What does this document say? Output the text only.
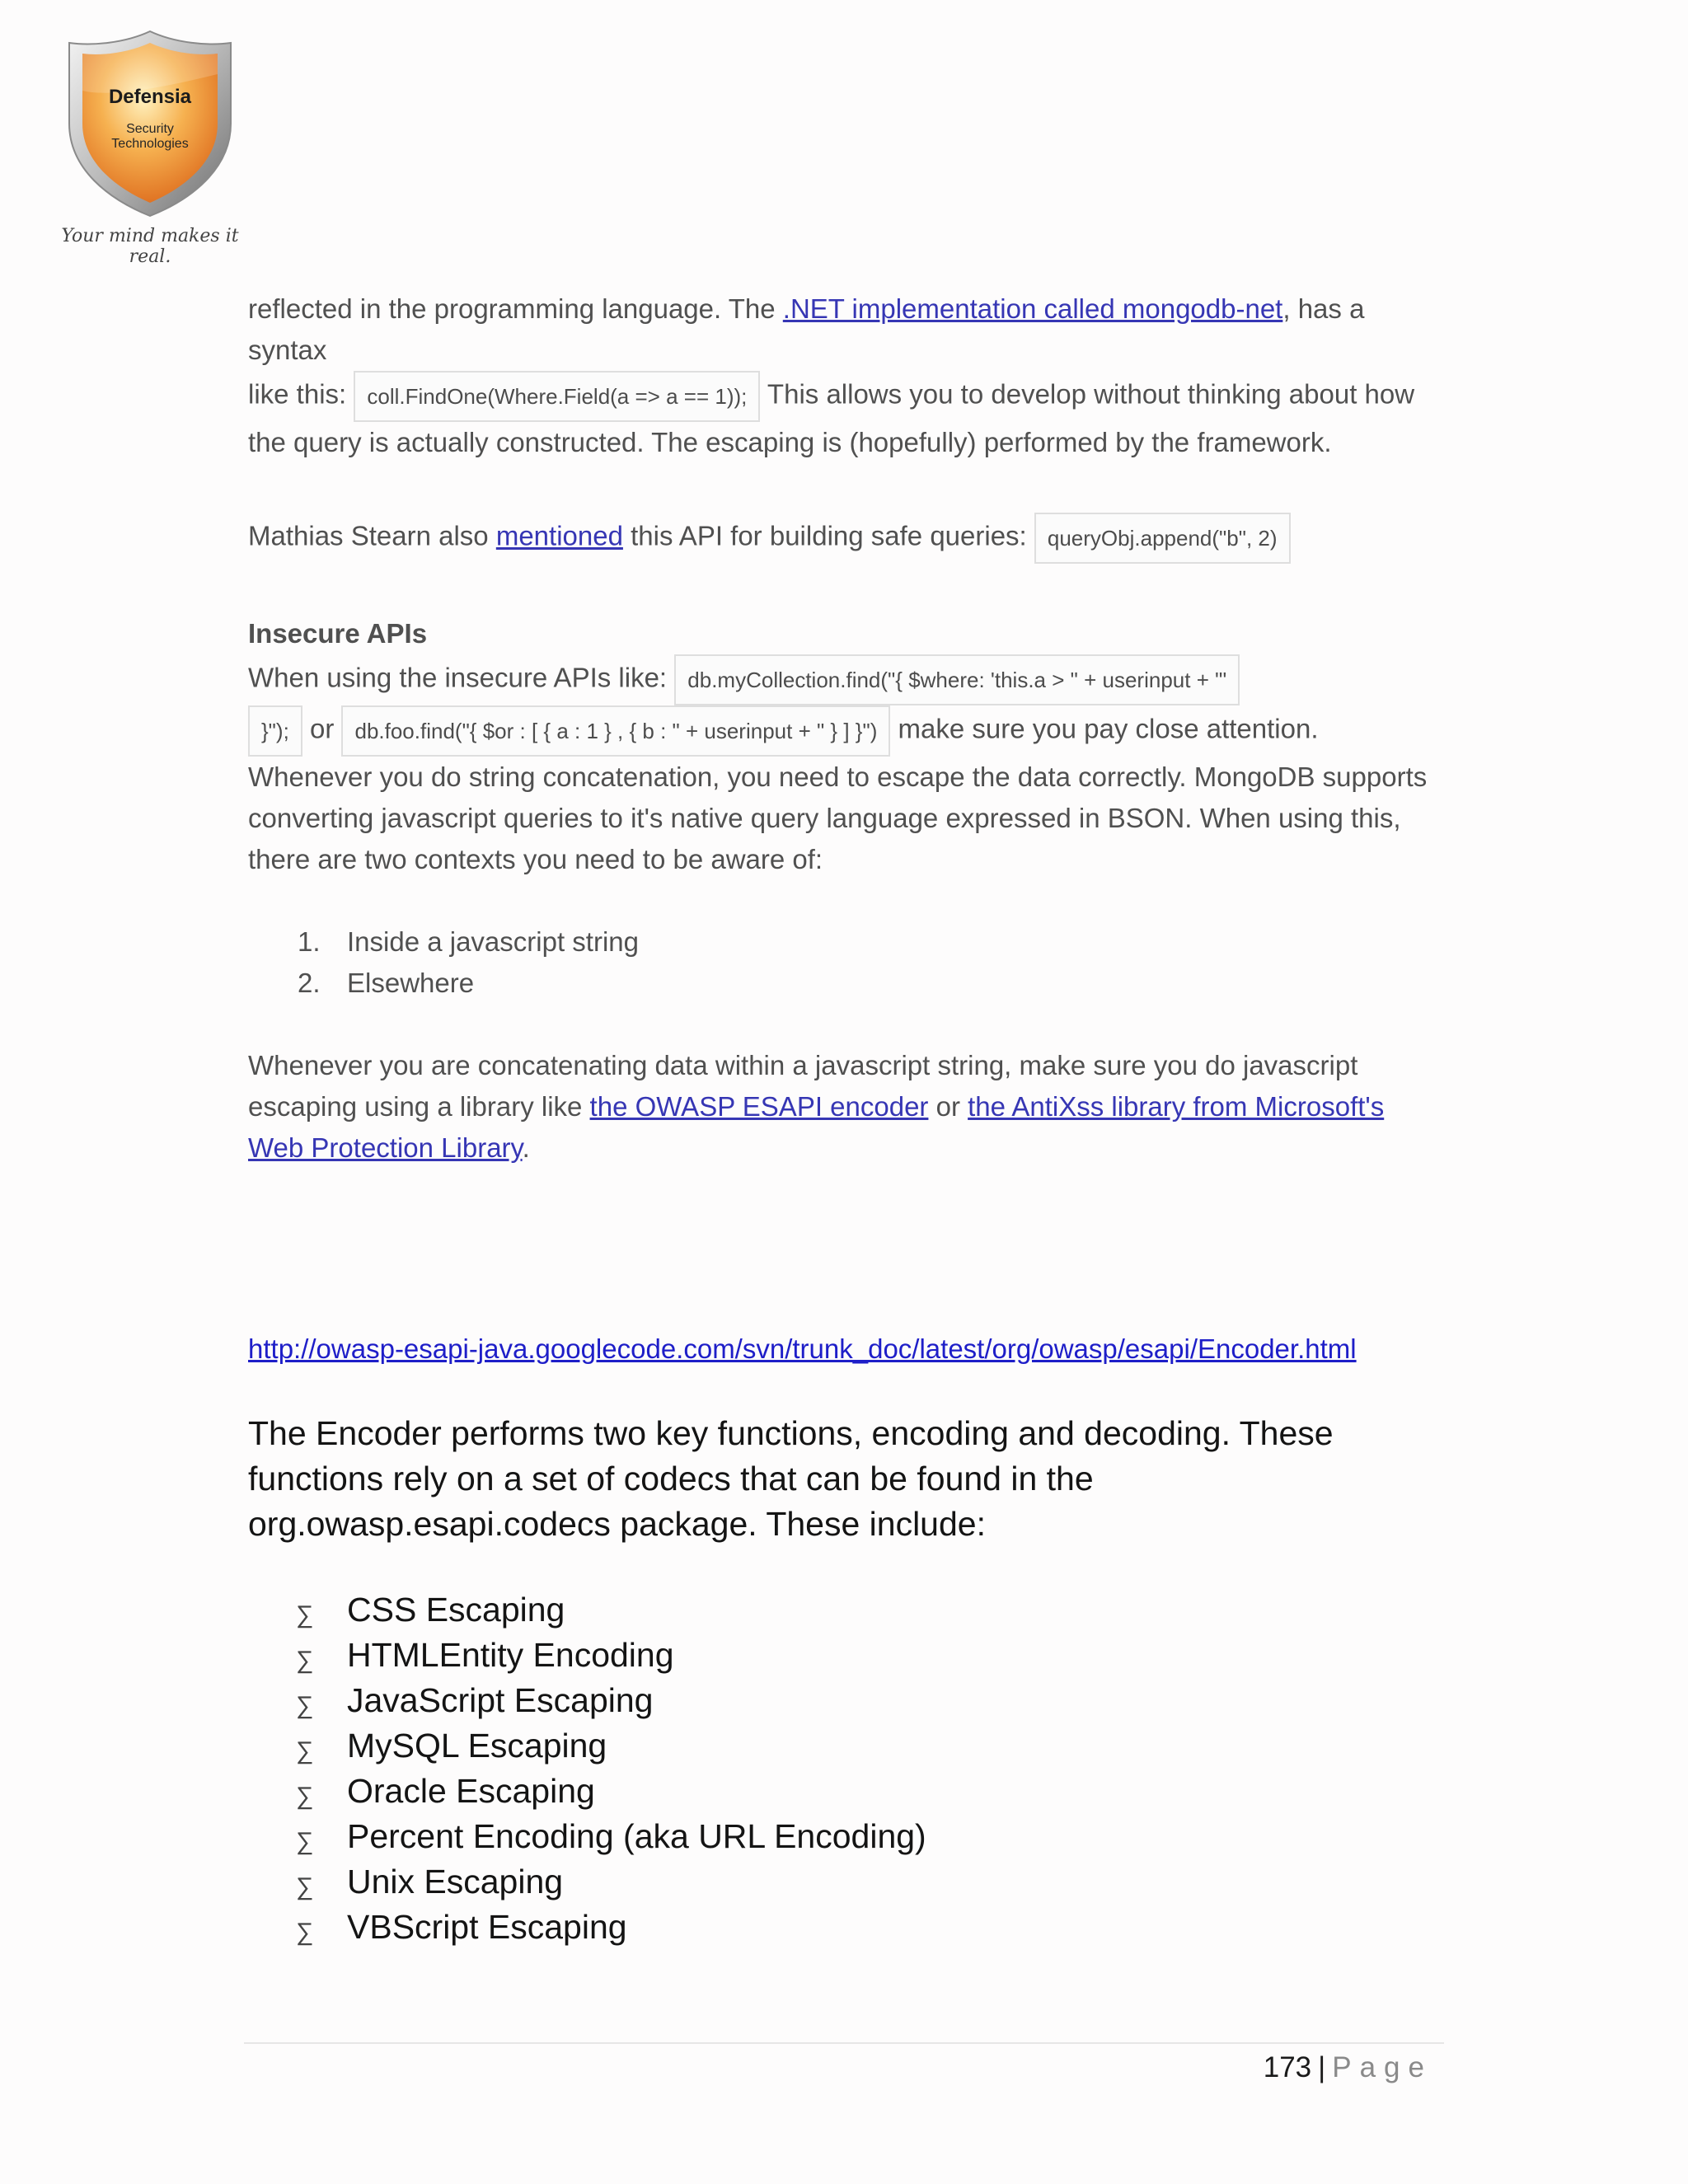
Defensia
Security
Technologies
Your mind makes it real.

reflected in the programming language. The .NET implementation called mongodb-net, has a syntax
like this: coll.FindOne(Where.Field(a => a == 1)); This allows you to develop without thinking about how
the query is actually constructed. The escaping is (hopefully) performed by the framework.

Mathias Stearn also mentioned this API for building safe queries: queryObj.append("b", 2)

Insecure APIs

When using the insecure APIs like: db.myCollection.find("{ $where: 'this.a > " + userinput + "'
}"); or db.foo.find("{ $or : [ { a : 1 } , { b : " + userinput + " } ] }") make sure you pay close attention.
Whenever you do string concatenation, you need to escape the data correctly. MongoDB supports converting javascript queries to it's native query language expressed in BSON. When using this, there are two contexts you need to be aware of:

1. Inside a javascript string
2. Elsewhere

Whenever you are concatenating data within a javascript string, make sure you do javascript escaping using a library like the OWASP ESAPI encoder or the AntiXss library from Microsoft's Web Protection Library.

http://owasp-esapi-java.googlecode.com/svn/trunk_doc/latest/org/owasp/esapi/Encoder.html

The Encoder performs two key functions, encoding and decoding. These functions rely on a set of codecs that can be found in the org.owasp.esapi.codecs package. These include:

∑ CSS Escaping
∑ HTMLEntity Encoding
∑ JavaScript Escaping
∑ MySQL Escaping
∑ Oracle Escaping
∑ Percent Encoding (aka URL Encoding)
∑ Unix Escaping
∑ VBScript Escaping
173 | Page
